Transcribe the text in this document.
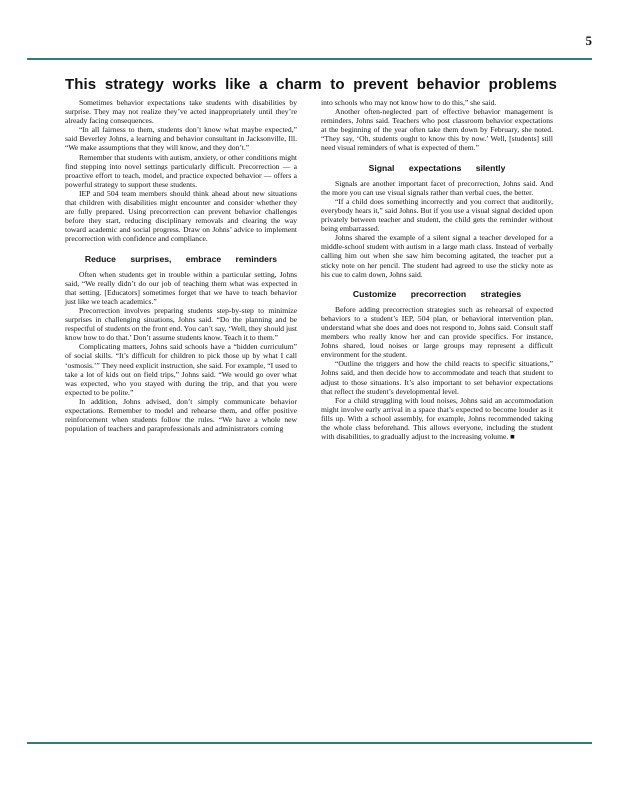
5
This strategy works like a charm to prevent behavior problems

Sometimes behavior expectations take students with disabilities by surprise. They may not realize they’ve acted inappropriately until they’re already facing consequences.

“In all fairness to them, students don’t know what maybe expected,” said Beverley Johns, a learning and behavior consultant in Jacksonville, Ill. “We make assumptions that they will know, and they don’t.”

Remember that students with autism, anxiety, or other conditions might find stepping into novel settings particularly difficult. Precorrection — a proactive effort to teach, model, and practice expected behavior — offers a powerful strategy to support these students.

IEP and 504 team members should think ahead about new situations that children with disabilities might encounter and consider whether they are fully prepared. Using precorrection can prevent behavior challenges before they start, reducing disciplinary removals and clearing the way toward academic and social progress. Draw on Johns’ advice to implement precorrection with confidence and compliance.

Reduce surprises, embrace reminders

Often when students get in trouble within a particular setting, Johns said, “We really didn’t do our job of teaching them what was expected in that setting. [Educators] sometimes forget that we have to teach behavior just like we teach academics.”

Precorrection involves preparing students step-by-step to minimize surprises in challenging situations, Johns said. “Do the planning and be respectful of students on the front end. You can’t say, ‘Well, they should just know how to do that.’ Don’t assume students know. Teach it to them.”

Complicating matters, Johns said schools have a “hidden curriculum” of social skills. “It’s difficult for children to pick those up by what I call ‘osmosis.’” They need explicit instruction, she said. For example, “I used to take a lot of kids out on field trips,” Johns said. “We would go over what was expected, who you stayed with during the trip, and that you were expected to be polite.”

In addition, Johns advised, don’t simply communicate behavior expectations. Remember to model and rehearse them, and offer positive reinforcement when students follow the rules. “We have a whole new population of teachers and paraprofessionals and administrators coming

into schools who may not know how to do this,” she said.

Another often-neglected part of effective behavior management is reminders, Johns said. Teachers who post classroom behavior expectations at the beginning of the year often take them down by February, she noted. “They say, ‘Oh, students ought to know this by now.’ Well, [students] still need visual reminders of what is expected of them.”

Signal expectations silently

Signals are another important facet of precorrection, Johns said. And the more you can use visual signals rather than verbal cues, the better.

“If a child does something incorrectly and you correct that auditorily, everybody hears it,” said Johns. But if you use a visual signal decided upon privately between teacher and student, the child gets the reminder without being embarrassed.

Johns shared the example of a silent signal a teacher developed for a middle-school student with autism in a large math class. Instead of verbally calling him out when she saw him becoming agitated, the teacher put a sticky note on her pencil. The student had agreed to use the sticky note as his cue to calm down, Johns said.

Customize precorrection strategies

Before adding precorrection strategies such as rehearsal of expected behaviors to a student’s IEP, 504 plan, or behavioral intervention plan, understand what she does and does not respond to, Johns said. Consult staff members who really know her and can provide specifics. For instance, Johns shared, loud noises or large groups may represent a difficult environment for the student.

“Outline the triggers and how the child reacts to specific situations,” Johns said, and then decide how to accommodate and teach that student to adjust to those situations. It’s also important to set behavior expectations that reflect the student’s developmental level.

For a child struggling with loud noises, Johns said an accommodation might involve early arrival in a space that’s expected to become louder as it fills up. With a school assembly, for example, Johns recommended taking the whole class beforehand. This allows everyone, including the student with disabilities, to gradually adjust to the increasing volume. ■
